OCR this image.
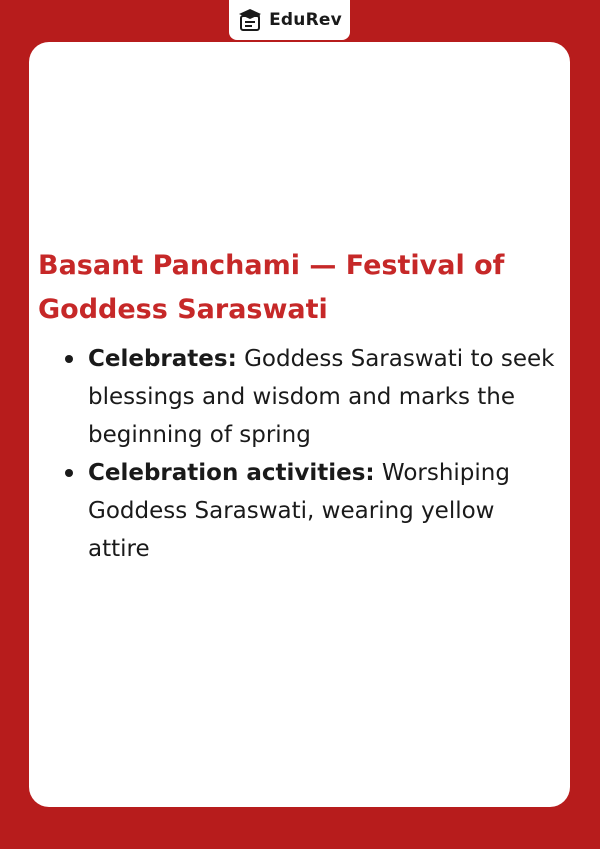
EduRev
Basant Panchami — Festival of Goddess Saraswati
Celebrates: Goddess Saraswati to seek blessings and wisdom and marks the beginning of spring
Celebration activities: Worshiping Goddess Saraswati, wearing yellow attire
